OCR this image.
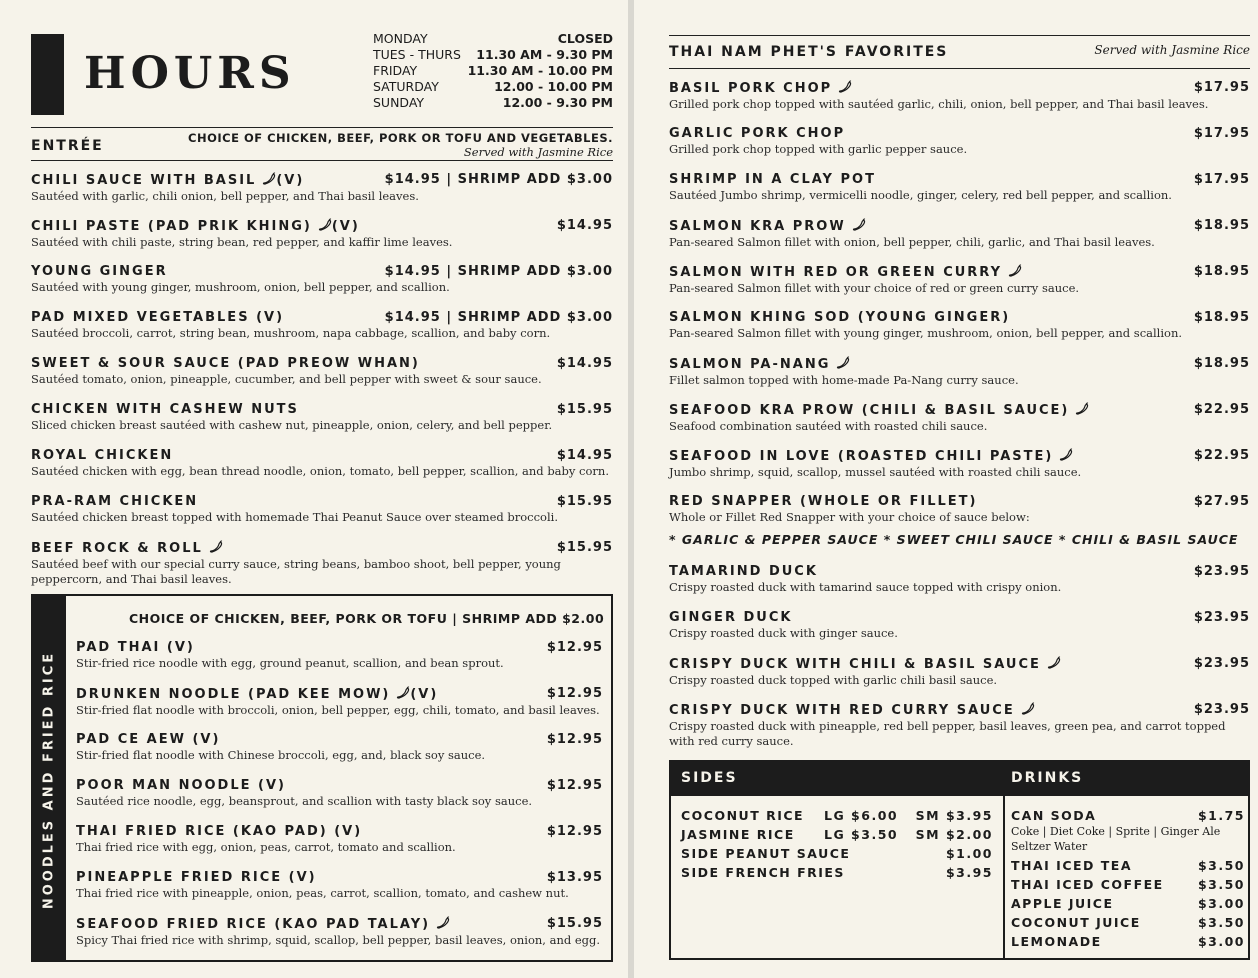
HOURS
MONDAY	CLOSED
TUES - THURS 11.30 AM - 9.30 PM
FRIDAY	11.30 AM - 10.00 PM
SATURDAY	12.00 - 10.00 PM
SUNDAY	12.00 - 9.30 PM
ENTRÉE	CHOICE OF CHICKEN, BEEF, PORK OR TOFU AND VEGETABLES.
Served with Jasmine Rice
CHILI SAUCE WITH BASIL (V)	$14.95 | SHRIMP ADD $3.00
Sautéed with garlic, chili onion, bell pepper, and Thai basil leaves.
CHILI PASTE (PAD PRIK KHING) (V)	$14.95
Sautéed with chili paste, string bean, red pepper, and kaffir lime leaves.
YOUNG GINGER	$14.95 | SHRIMP ADD $3.00
Sautéed with young ginger, mushroom, onion, bell pepper, and scallion.
PAD MIXED VEGETABLES (V)	$14.95 | SHRIMP ADD $3.00
Sautéed broccoli, carrot, string bean, mushroom, napa cabbage, scallion, and baby corn.
SWEET & SOUR SAUCE (PAD PREOW WHAN)	$14.95
Sautéed tomato, onion, pineapple, cucumber, and bell pepper with sweet & sour sauce.
CHICKEN WITH CASHEW NUTS	$15.95
Sliced chicken breast sautéed with cashew nut, pineapple, onion, celery, and bell pepper.
ROYAL CHICKEN	$14.95
Sautéed chicken with egg, bean thread noodle, onion, tomato, bell pepper, scallion, and baby corn.
PRA-RAM CHICKEN	$15.95
Sautéed chicken breast topped with homemade Thai Peanut Sauce over steamed broccoli.
BEEF ROCK & ROLL	$15.95
Sautéed beef with our special curry sauce, string beans, bamboo shoot, bell pepper, young peppercorn, and Thai basil leaves.
NOODLES AND FRIED RICE
CHOICE OF CHICKEN, BEEF, PORK OR TOFU | SHRIMP ADD $2.00
PAD THAI (V)	$12.95
Stir-fried rice noodle with egg, ground peanut, scallion, and bean sprout.
DRUNKEN NOODLE (PAD KEE MOW) (V)	$12.95
Stir-fried flat noodle with broccoli, onion, bell pepper, egg, chili, tomato, and basil leaves.
PAD CE AEW (V)	$12.95
Stir-fried flat noodle with Chinese broccoli, egg, and, black soy sauce.
POOR MAN NOODLE (V)	$12.95
Sautéed rice noodle, egg, beansprout, and scallion with tasty black soy sauce.
THAI FRIED RICE (KAO PAD) (V)	$12.95
Thai fried rice with egg, onion, peas, carrot, tomato and scallion.
PINEAPPLE FRIED RICE (V)	$13.95
Thai fried rice with pineapple, onion, peas, carrot, scallion, tomato, and cashew nut.
SEAFOOD FRIED RICE (KAO PAD TALAY)	$15.95
Spicy Thai fried rice with shrimp, squid, scallop, bell pepper, basil leaves, onion, and egg.
THAI NAM PHET'S FAVORITES	Served with Jasmine Rice
BASIL PORK CHOP	$17.95
Grilled pork chop topped with sautéed garlic, chili, onion, bell pepper, and Thai basil leaves.
GARLIC PORK CHOP	$17.95
Grilled pork chop topped with garlic pepper sauce.
SHRIMP IN A CLAY POT	$17.95
Sautéed Jumbo shrimp, vermicelli noodle, ginger, celery, red bell pepper, and scallion.
SALMON KRA PROW	$18.95
Pan-seared Salmon fillet with onion, bell pepper, chili, garlic, and Thai basil leaves.
SALMON WITH RED OR GREEN CURRY	$18.95
Pan-seared Salmon fillet with your choice of red or green curry sauce.
SALMON KHING SOD (YOUNG GINGER)	$18.95
Pan-seared Salmon fillet with young ginger, mushroom, onion, bell pepper, and scallion.
SALMON PA-NANG	$18.95
Fillet salmon topped with home-made Pa-Nang curry sauce.
SEAFOOD KRA PROW (CHILI & BASIL SAUCE)	$22.95
Seafood combination sautéed with roasted chili sauce.
SEAFOOD IN LOVE (ROASTED CHILI PASTE)	$22.95
Jumbo shrimp, squid, scallop, mussel sautéed with roasted chili sauce.
RED SNAPPER (WHOLE OR FILLET)	$27.95
Whole or Fillet Red Snapper with your choice of sauce below:
TAMARIND DUCK	$23.95
Crispy roasted duck with tamarind sauce topped with crispy onion.
GINGER DUCK	$23.95
Crispy roasted duck with ginger sauce.
CRISPY DUCK WITH CHILI & BASIL SAUCE	$23.95
Crispy roasted duck topped with garlic chili basil sauce.
CRISPY DUCK WITH RED CURRY SAUCE	$23.95
Crispy roasted duck with pineapple, red bell pepper, basil leaves, green pea, and carrot topped with red curry sauce.
* GARLIC & PEPPER SAUCE * SWEET CHILI SAUCE * CHILI & BASIL SAUCE
SIDES	DRINKS
COCONUT RICE LG $6.00   SM $3.95
JASMINE RICE LG $3.50   SM $2.00
SIDE PEANUT SAUCE	$1.00
SIDE FRENCH FRIES	$3.95
CAN SODA	$1.75
Coke | Diet Coke | Sprite | Ginger Ale
Seltzer Water
THAI ICED TEA	$3.50
THAI ICED COFFEE	$3.50
APPLE JUICE	$3.00
COCONUT JUICE	$3.50
LEMONADE	$3.00
